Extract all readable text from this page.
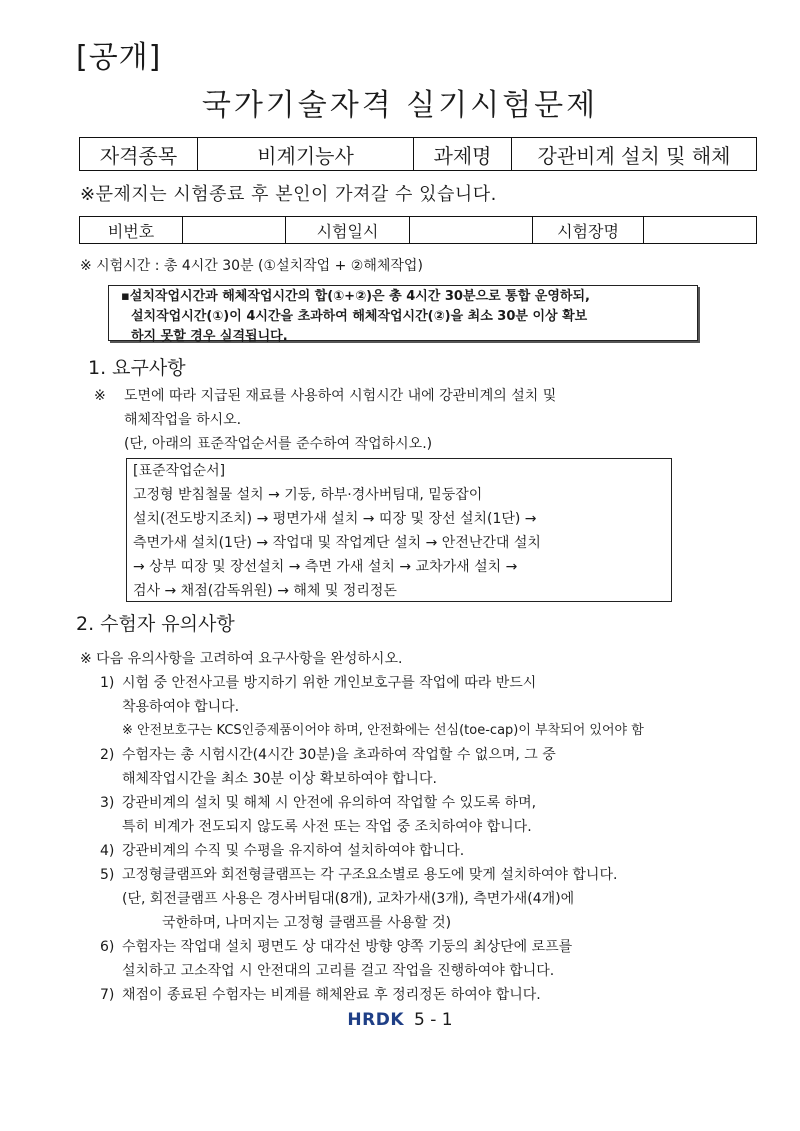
[공개]
국가기술자격 실기시험문제
자격종목	비계기능사	과제명	강관비계 설치 및 해체
※문제지는 시험종료 후 본인이 가져갈 수 있습니다.
비번호		시험일시		시험장명	
※ 시험시간 : 총 4시간 30분 (①설치작업 + ②해체작업)
▪설치작업시간과 해체작업시간의 합(①+②)은 총 4시간 30분으로 통합 운영하되,
설치작업시간(①)이 4시간을 초과하여 해체작업시간(②)을 최소 30분 이상 확보
하지 못할 경우 실격됩니다.
1. 요구사항
※	도면에 따라 지급된 재료를 사용하여 시험시간 내에 강관비계의 설치 및
해체작업을 하시오.
(단, 아래의 표준작업순서를 준수하여 작업하시오.)
[표준작업순서]
고정형 받침철물 설치 → 기둥, 하부·경사버팀대, 밑둥잡이
설치(전도방지조치) → 평면가새 설치 → 띠장 및 장선 설치(1단) →
측면가새 설치(1단) → 작업대 및 작업계단 설치 → 안전난간대 설치
→ 상부 띠장 및 장선설치 → 측면 가새 설치 → 교차가새 설치 →
검사 → 채점(감독위원) → 해체 및 정리정돈
2. 수험자 유의사항
※ 다음 유의사항을 고려하여 요구사항을 완성하시오.
1) 시험 중 안전사고를 방지하기 위한 개인보호구를 작업에 따라 반드시
착용하여야 합니다.
※ 안전보호구는 KCS인증제품이어야 하며, 안전화에는 선심(toe-cap)이 부착되어 있어야 함
2) 수험자는 총 시험시간(4시간 30분)을 초과하여 작업할 수 없으며, 그 중
해체작업시간을 최소 30분 이상 확보하여야 합니다.
3) 강관비계의 설치 및 해체 시 안전에 유의하여 작업할 수 있도록 하며,
특히 비계가 전도되지 않도록 사전 또는 작업 중 조치하여야 합니다.
4) 강관비계의 수직 및 수평을 유지하여 설치하여야 합니다.
5) 고정형클램프와 회전형클램프는 각 구조요소별로 용도에 맞게 설치하여야 합니다.
(단, 회전클램프 사용은 경사버팀대(8개), 교차가새(3개), 측면가새(4개)에
국한하며, 나머지는 고정형 클램프를 사용할 것)
6) 수험자는 작업대 설치 평면도 상 대각선 방향 양쪽 기둥의 최상단에 로프를
설치하고 고소작업 시 안전대의 고리를 걸고 작업을 진행하여야 합니다.
7) 채점이 종료된 수험자는 비계를 해체완료 후 정리정돈 하여야 합니다.
HRDK 5 - 1
